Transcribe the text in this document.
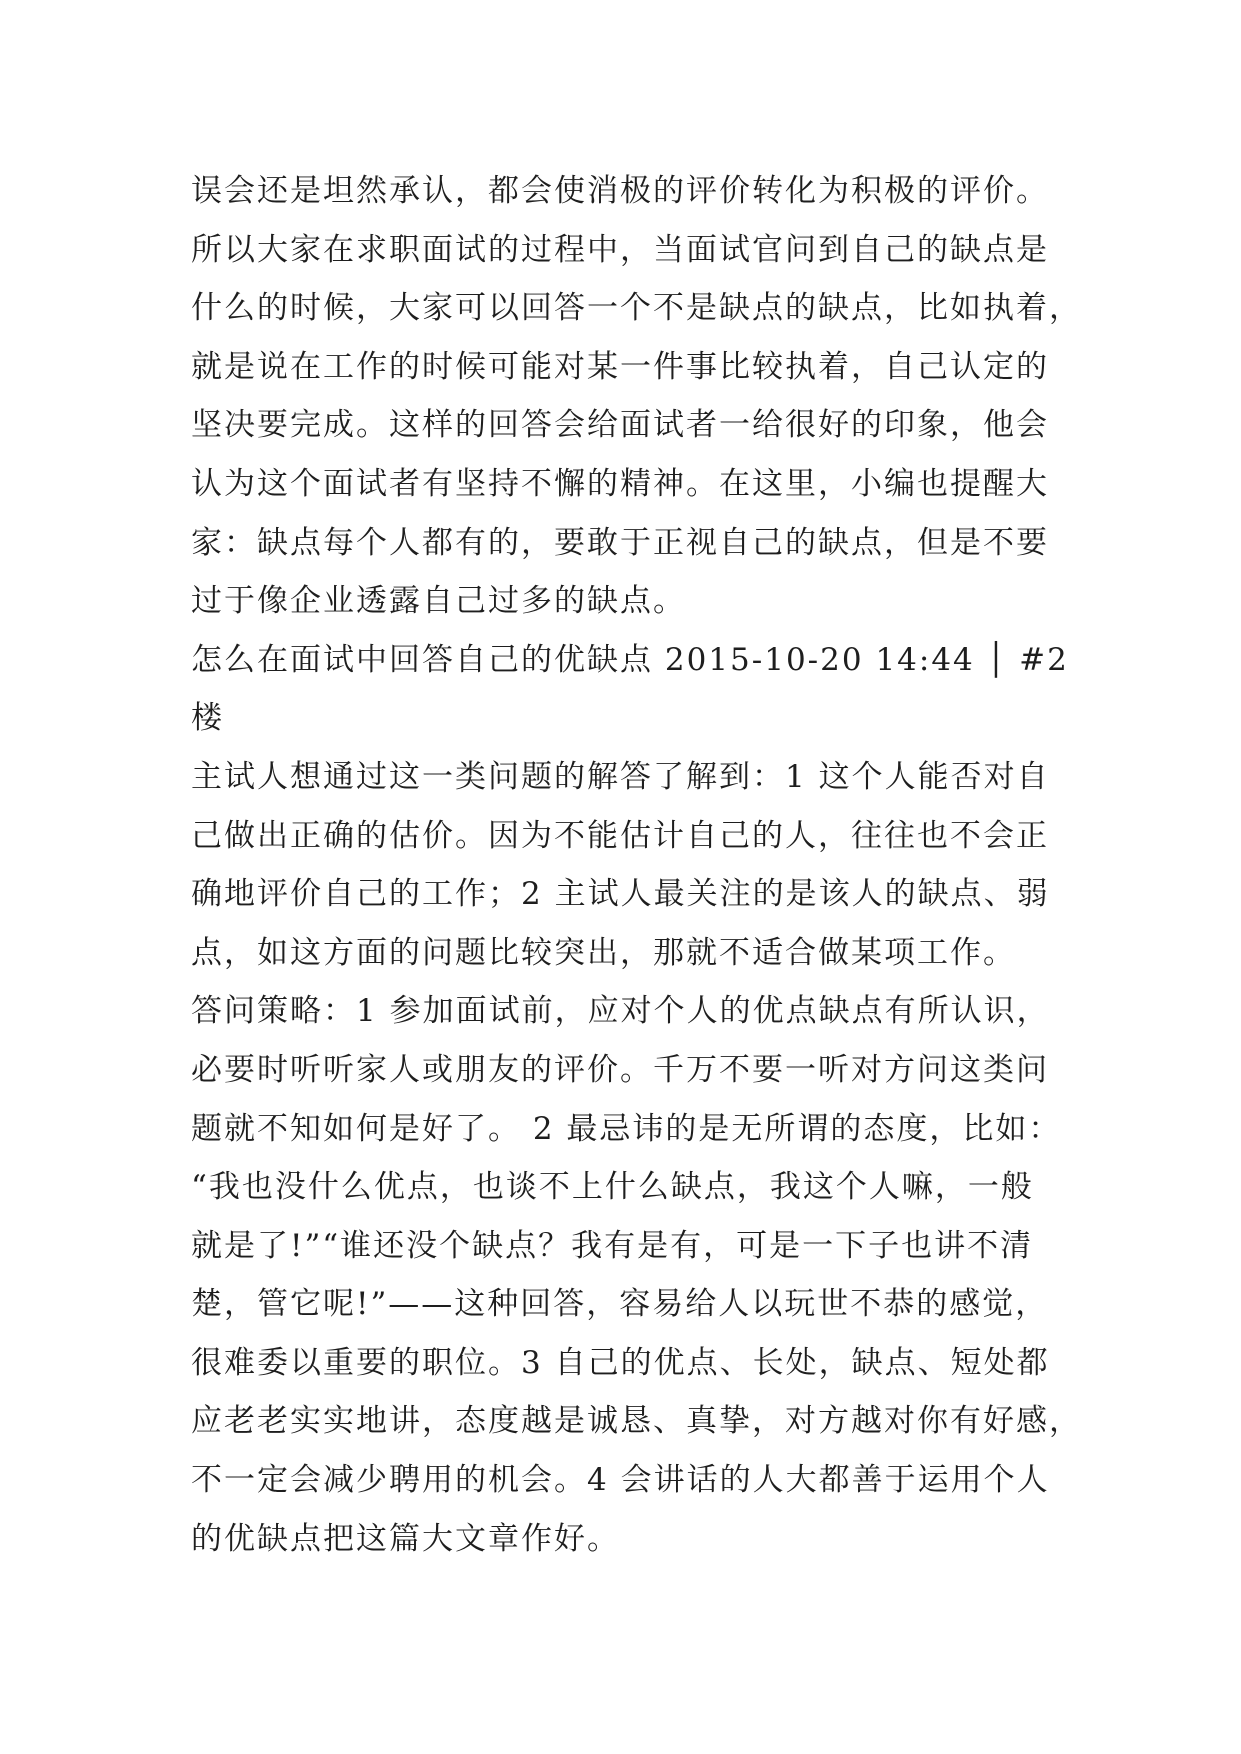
误会还是坦然承认，都会使消极的评价转化为积极的评价。
所以大家在求职面试的过程中，当面试官问到自己的缺点是
什么的时候，大家可以回答一个不是缺点的缺点，比如执着，
就是说在工作的时候可能对某一件事比较执着，自己认定的
坚决要完成。这样的回答会给面试者一给很好的印象，他会
认为这个面试者有坚持不懈的精神。在这里，小编也提醒大
家：缺点每个人都有的，要敢于正视自己的缺点，但是不要
过于像企业透露自己过多的缺点。
怎么在面试中回答自己的优缺点 2015-10-20 14:44 │ #2
楼
主试人想通过这一类问题的解答了解到：1 这个人能否对自
己做出正确的估价。因为不能估计自己的人，往往也不会正
确地评价自己的工作；2 主试人最关注的是该人的缺点、弱
点，如这方面的问题比较突出，那就不适合做某项工作。
答问策略：1 参加面试前，应对个人的优点缺点有所认识，
必要时听听家人或朋友的评价。千万不要一听对方问这类问
题就不知如何是好了。 2 最忌讳的是无所谓的态度，比如：
“我也没什么优点，也谈不上什么缺点，我这个人嘛，一般
就是了!”“谁还没个缺点？我有是有，可是一下子也讲不清
楚，管它呢!”——这种回答，容易给人以玩世不恭的感觉，
很难委以重要的职位。3 自己的优点、长处，缺点、短处都
应老老实实地讲，态度越是诚恳、真挚，对方越对你有好感，
不一定会减少聘用的机会。4 会讲话的人大都善于运用个人
的优缺点把这篇大文章作好。
